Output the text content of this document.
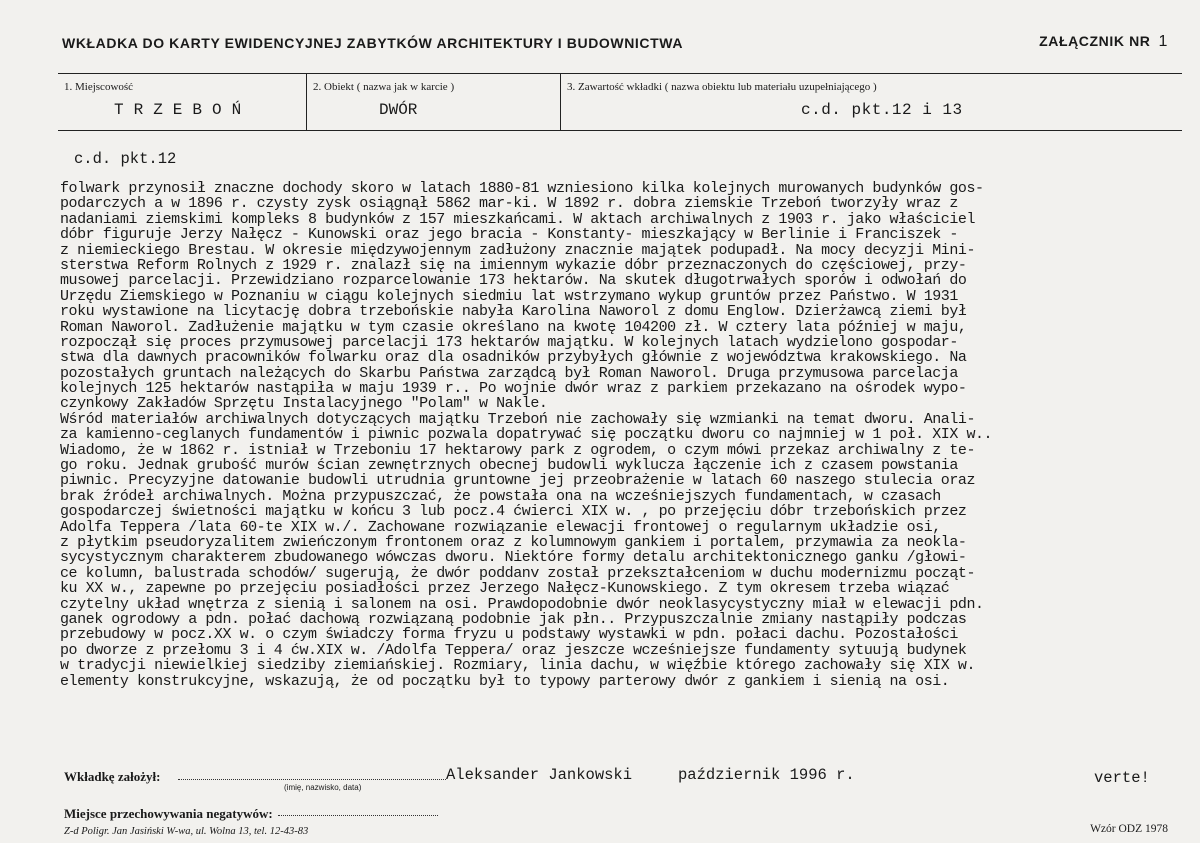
WKŁADKA DO KARTY EWIDENCYJNEJ ZABYTKÓW ARCHITEKTURY I BUDOWNICTWA	ZAŁĄCZNIK NR 1
1. Miejscowość
TRZEBOŃ
2. Obiekt ( nazwa jak w karcie )
DWÓR
3. Zawartość wkładki ( nazwa obiektu lub materiału uzupełniającego )
c.d. pkt.12 i 13
c.d. pkt.12
folwark przynosił znaczne dochody skoro w latach 1880-81 wzniesiono kilka kolejnych murowanych budynków gos-
podarczych a w 1896 r. czysty zysk osiągnął 5862 mar-ki. W 1892 r. dobra ziemskie Trzeboń tworzyły wraz z
nadaniami ziemskimi kompleks 8 budynków z 157 mieszkańcami. W aktach archiwalnych z 1903 r. jako właściciel
dóbr figuruje Jerzy Nałęcz - Kunowski oraz jego bracia - Konstanty- mieszkający w Berlinie i Franciszek -
z niemieckiego Brestau. W okresie międzywojennym zadłużony znacznie majątek podupadł. Na mocy decyzji Mini-
sterstwa Reform Rolnych z 1929 r. znalazł się na imiennym wykazie dóbr przeznaczonych do częściowej, przy-
musowej parcelacji. Przewidziano rozparcelowanie 173 hektarów. Na skutek długotrwałych sporów i odwołań do
Urzędu Ziemskiego w Poznaniu w ciągu kolejnych siedmiu lat wstrzymano wykup gruntów przez Państwo. W 1931
roku wystawione na licytację dobra trzebońskie nabyła Karolina Naworol z domu Englow. Dzierżawcą ziemi był
Roman Naworol. Zadłużenie majątku w tym czasie określano na kwotę 104200 zł. W cztery lata później w maju,
rozpoczął się proces przymusowej parcelacji 173 hektarów majątku. W kolejnych latach wydzielono gospodar-
stwa dla dawnych pracowników folwarku oraz dla osadników przybyłych głównie z województwa krakowskiego. Na
pozostałych gruntach należących do Skarbu Państwa zarządcą był Roman Naworol. Druga przymusowa parcelacja
kolejnych 125 hektarów nastąpiła w maju 1939 r.. Po wojnie dwór wraz z parkiem przekazano na ośrodek wypo-
czynkowy Zakładów Sprzętu Instalacyjnego "Polam" w Nakle.
Wśród materiałów archiwalnych dotyczących majątku Trzeboń nie zachowały się wzmianki na temat dworu. Anali-
za kamienno-ceglanych fundamentów i piwnic pozwala dopatrywać się początku dworu co najmniej w 1 poł. XIX w..
Wiadomo, że w 1862 r. istniał w Trzeboniu 17 hektarowy park z ogrodem, o czym mówi przekaz archiwalny z te-
go roku. Jednak grubość murów ścian zewnętrznych obecnej budowli wyklucza łączenie ich z czasem powstania
piwnic. Precyzyjne datowanie budowli utrudnia gruntowne jej przeobrażenie w latach 60 naszego stulecia oraz
brak źródeł archiwalnych. Można przypuszczać, że powstała ona na wcześniejszych fundamentach, w czasach
gospodarczej świetności majątku w końcu 3 lub pocz.4 ćwierci XIX w. , po przejęciu dóbr trzebońskich przez
Adolfa Teppera /lata 60-te XIX w./. Zachowane rozwiązanie elewacji frontowej o regularnym układzie osi,
z płytkim pseudoryzalitem zwieńczonym frontonem oraz z kolumnowym gankiem i portalem, przymawia za neokla-
sycystycznym charakterem zbudowanego wówczas dworu. Niektóre formy detalu architektonicznego ganku /głowi-
ce kolumn, balustrada schodów/ sugerują, że dwór poddanv został przekształceniom w duchu modernizmu począt-
ku XX w., zapewne po przejęciu posiadłości przez Jerzego Nałęcz-Kunowskiego. Z tym okresem trzeba wiązać
czytelny układ wnętrza z sienią i salonem na osi. Prawdopodobnie dwór neoklasycystyczny miał w elewacji pdn.
ganek ogrodowy a pdn. połać dachową rozwiązaną podobnie jak płn.. Przypuszczalnie zmiany nastąpiły podczas
przebudowy w pocz.XX w. o czym świadczy forma fryzu u podstawy wystawki w pdn. połaci dachu. Pozostałości
po dworze z przełomu 3 i 4 ćw.XIX w. /Adolfa Teppera/ oraz jeszcze wcześniejsze fundamenty sytuują budynek
w tradycji niewielkiej siedziby ziemiańskiej. Rozmiary, linia dachu, w więźbie którego zachowały się XIX w.
elementy konstrukcyjne, wskazują, że od początku był to typowy parterowy dwór z gankiem i sienią na osi.
Wkładkę założył:
(imię, nazwisko, data)
Aleksander Jankowski	październik 1996 r.	verte!
Miejsce przechowywania negatywów:
Z-d Poligr. Jan Jasiński W-wa, ul. Wolna 13, tel. 12-43-83	Wzór ODZ 1978
